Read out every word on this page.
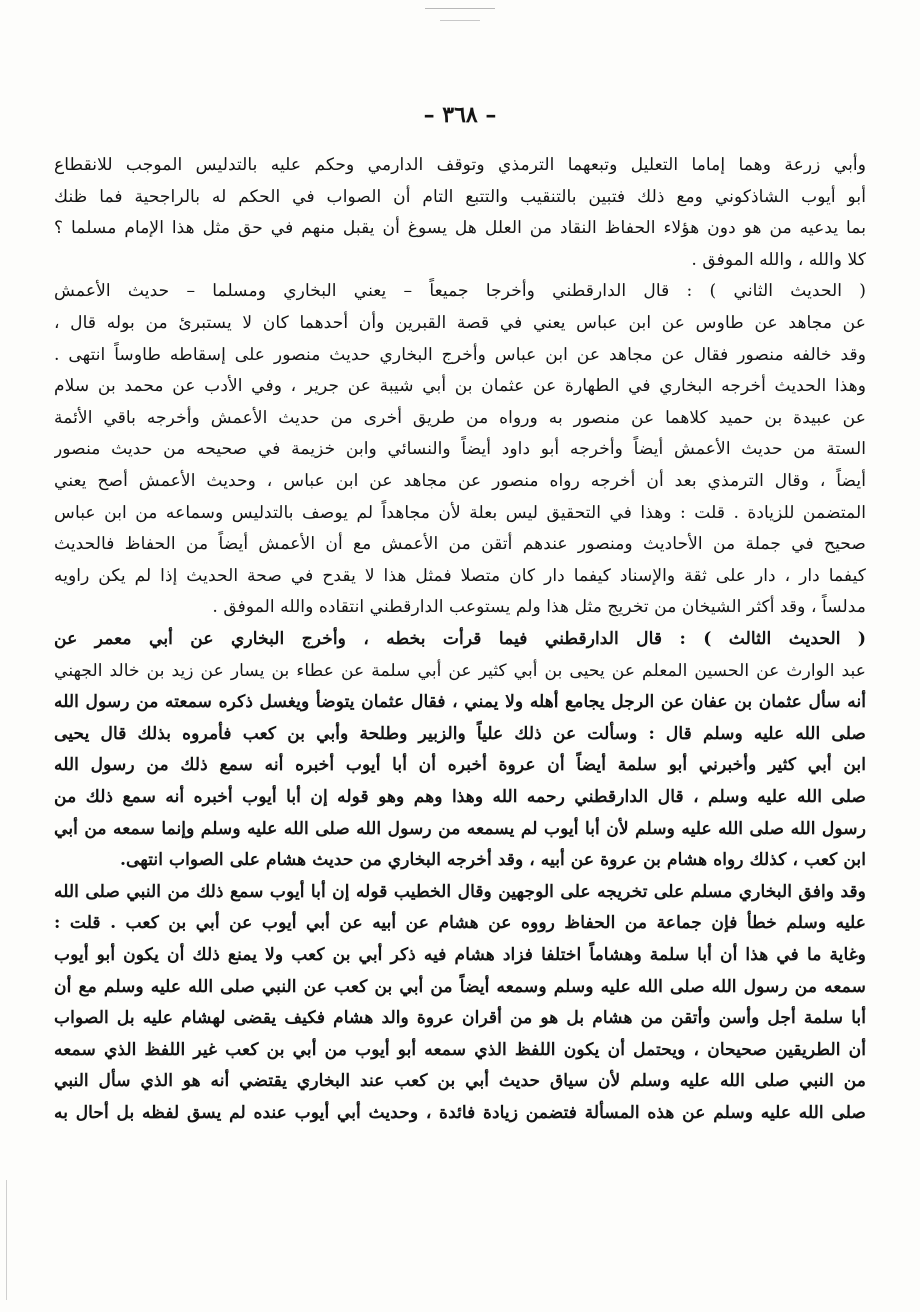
– ٣٦٨ –
وأبي زرعة وهما إماما التعليل وتبعهما الترمذي وتوقف الدارمي وحكم عليه بالتدليس الموجب للانقطاع
أبو أيوب الشاذكوني ومع ذلك فتبين بالتنقيب والتتبع التام أن الصواب في الحكم له بالراجحية فما ظنك
بما يدعيه من هو دون هؤلاء الحفاظ النقاد من العلل هل يسوغ أن يقبل منهم في حق مثل هذا الإمام مسلما ؟
كلا والله ، والله الموفق .
( الحديث الثاني ) : قال الدارقطني وأخرجا جميعاً – يعني البخاري ومسلما – حديث الأعمش
عن مجاهد عن طاوس عن ابن عباس يعني في قصة القبرين وأن أحدهما كان لا يستبرئ من بوله قال ،
وقد خالفه منصور فقال عن مجاهد عن ابن عباس وأخرج البخاري حديث منصور على إسقاطه طاوساً انتهى .
وهذا الحديث أخرجه البخاري في الطهارة عن عثمان بن أبي شيبة عن جرير ، وفي الأدب عن محمد بن سلام
عن عبيدة بن حميد كلاهما عن منصور به ورواه من طريق أخرى من حديث الأعمش وأخرجه باقي الأئمة
الستة من حديث الأعمش أيضاً وأخرجه أبو داود أيضاً والنسائي وابن خزيمة في صحيحه من حديث منصور
أيضاً ، وقال الترمذي بعد أن أخرجه رواه منصور عن مجاهد عن ابن عباس ، وحديث الأعمش أصح يعني
المتضمن للزيادة . قلت : وهذا في التحقيق ليس بعلة لأن مجاهداً لم يوصف بالتدليس وسماعه من ابن عباس
صحيح في جملة من الأحاديث ومنصور عندهم أتقن من الأعمش مع أن الأعمش أيضاً من الحفاظ فالحديث
كيفما دار ، دار على ثقة والإسناد كيفما دار كان متصلا فمثل هذا لا يقدح في صحة الحديث إذا لم يكن راويه
مدلساً ، وقد أكثر الشيخان من تخريج مثل هذا ولم يستوعب الدارقطني انتقاده والله الموفق .
( الحديث الثالث ) : قال الدارقطني فيما قرأت بخطه ، وأخرج البخاري عن أبي معمر عن
عبد الوارث عن الحسين المعلم عن يحيى بن أبي كثير عن أبي سلمة عن عطاء بن يسار عن زيد بن خالد الجهني
أنه سأل عثمان بن عفان عن الرجل يجامع أهله ولا يمني ، فقال عثمان يتوضأ ويغسل ذكره سمعته من رسول الله
صلى الله عليه وسلم قال : وسألت عن ذلك علياً والزبير وطلحة وأبي بن كعب فأمروه بذلك قال يحيى
ابن أبي كثير وأخبرني أبو سلمة أيضاً أن عروة أخبره أن أبا أيوب أخبره أنه سمع ذلك من رسول الله
صلى الله عليه وسلم ، قال الدارقطني رحمه الله وهذا وهم وهو قوله إن أبا أيوب أخبره أنه سمع ذلك من
رسول الله صلى الله عليه وسلم لأن أبا أيوب لم يسمعه من رسول الله صلى الله عليه وسلم وإنما سمعه من أبي
ابن كعب ، كذلك رواه هشام بن عروة عن أبيه ، وقد أخرجه البخاري من حديث هشام على الصواب انتهى.
وقد وافق البخاري مسلم على تخريجه على الوجهين وقال الخطيب قوله إن أبا أيوب سمع ذلك من النبي صلى الله
عليه وسلم خطأ فإن جماعة من الحفاظ رووه عن هشام عن أبيه عن أبي أيوب عن أبي بن كعب . قلت :
وغاية ما في هذا أن أبا سلمة وهشاماً اختلفا فزاد هشام فيه ذكر أبي بن كعب ولا يمنع ذلك أن يكون أبو أيوب
سمعه من رسول الله صلى الله عليه وسلم وسمعه أيضاً من أبي بن كعب عن النبي صلى الله عليه وسلم مع أن
أبا سلمة أجل وأسن وأتقن من هشام بل هو من أقران عروة والد هشام فكيف يقضى لهشام عليه بل الصواب
أن الطريقين صحيحان ، ويحتمل أن يكون اللفظ الذي سمعه أبو أيوب من أبي بن كعب غير اللفظ الذي سمعه
من النبي صلى الله عليه وسلم لأن سياق حديث أبي بن كعب عند البخاري يقتضي أنه هو الذي سأل النبي
صلى الله عليه وسلم عن هذه المسألة فتضمن زيادة فائدة ، وحديث أبي أيوب عنده لم يسق لفظه بل أحال به
